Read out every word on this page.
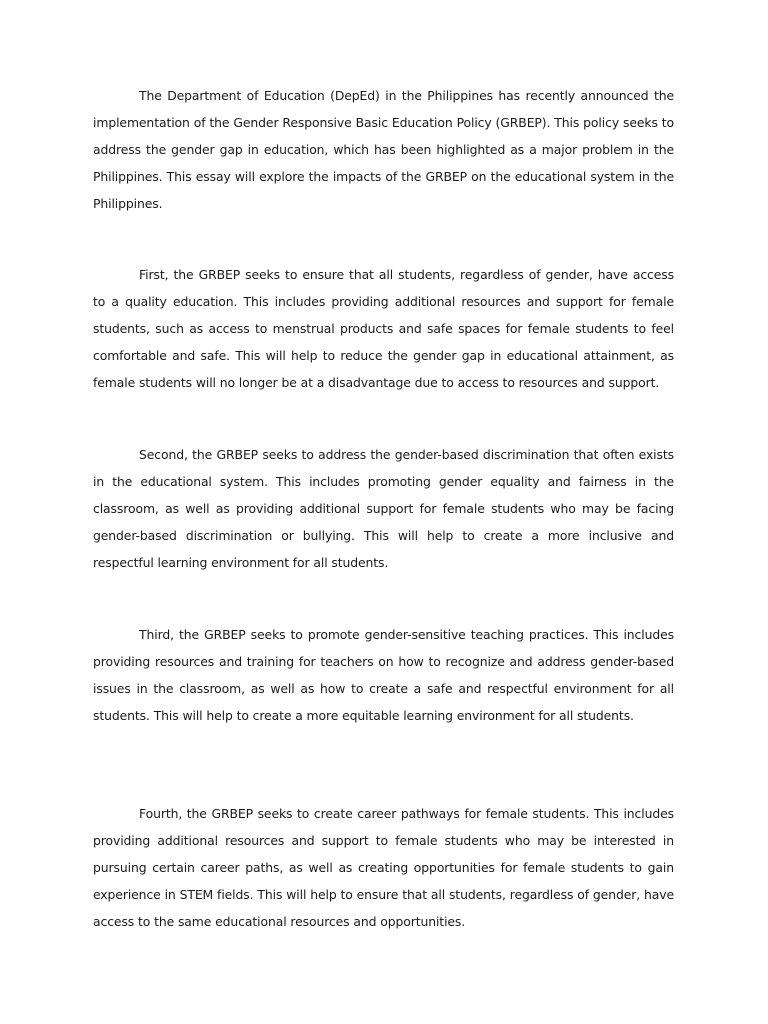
The Department of Education (DepEd) in the Philippines has recently announced the implementation of the Gender Responsive Basic Education Policy (GRBEP). This policy seeks to address the gender gap in education, which has been highlighted as a major problem in the Philippines. This essay will explore the impacts of the GRBEP on the educational system in the Philippines.

First, the GRBEP seeks to ensure that all students, regardless of gender, have access to a quality education. This includes providing additional resources and support for female students, such as access to menstrual products and safe spaces for female students to feel comfortable and safe. This will help to reduce the gender gap in educational attainment, as female students will no longer be at a disadvantage due to access to resources and support.

Second, the GRBEP seeks to address the gender-based discrimination that often exists in the educational system. This includes promoting gender equality and fairness in the classroom, as well as providing additional support for female students who may be facing gender-based discrimination or bullying. This will help to create a more inclusive and respectful learning environment for all students.

Third, the GRBEP seeks to promote gender-sensitive teaching practices. This includes providing resources and training for teachers on how to recognize and address gender-based issues in the classroom, as well as how to create a safe and respectful environment for all students. This will help to create a more equitable learning environment for all students.

Fourth, the GRBEP seeks to create career pathways for female students. This includes providing additional resources and support to female students who may be interested in pursuing certain career paths, as well as creating opportunities for female students to gain experience in STEM fields. This will help to ensure that all students, regardless of gender, have access to the same educational resources and opportunities.
